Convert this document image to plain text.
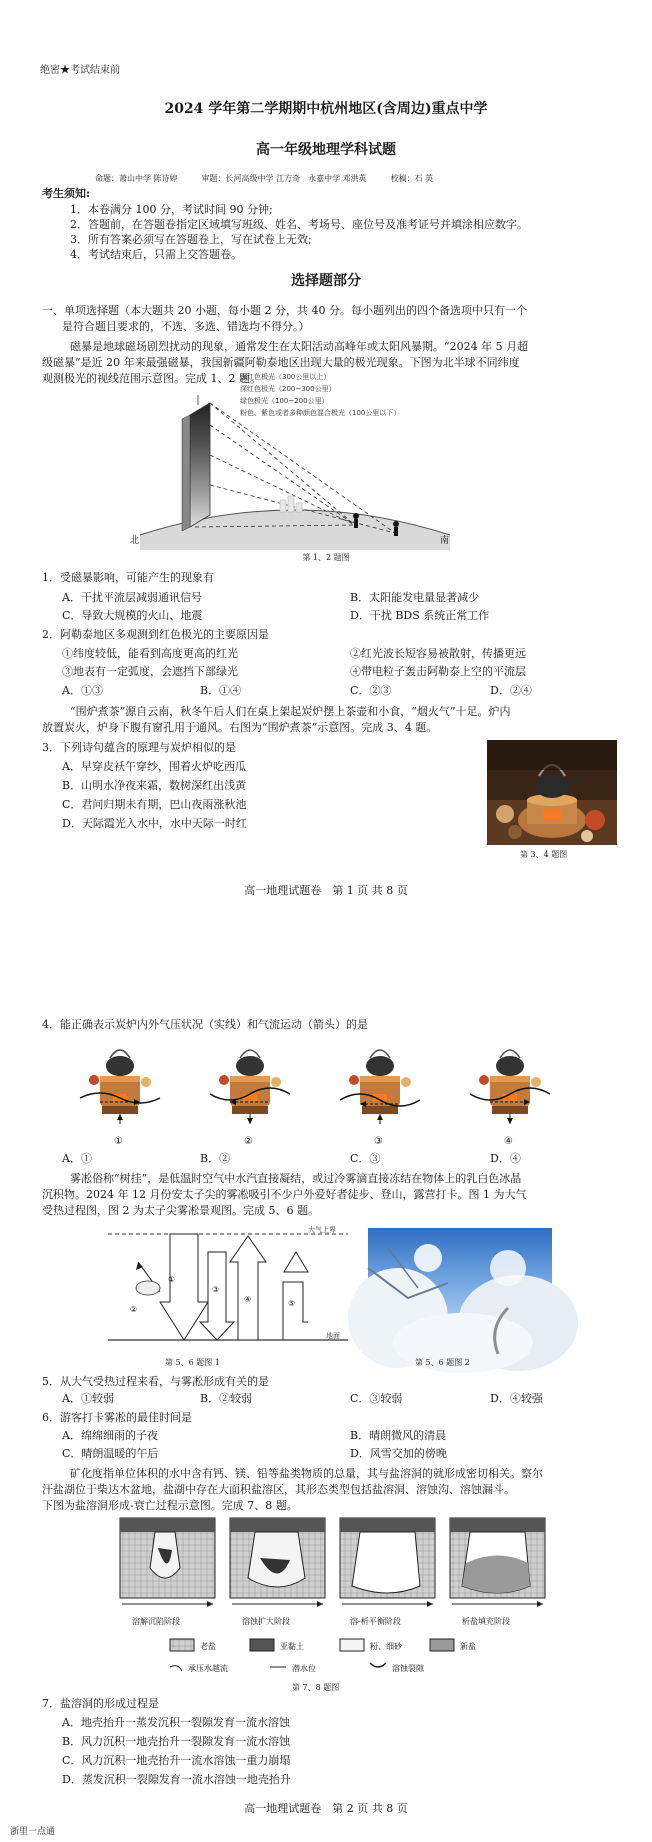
绝密★考试结束前
2024 学年第二学期期中杭州地区(含周边)重点中学
高一年级地理学科试题
命题：萧山中学 陈诗婷　　　审题：长河高级中学 江方奇　永嘉中学 邓洪英　　　校稿：石 英
考生须知:
1．本卷满分 100 分，考试时间 90 分钟;
2．答题前，在答题卷指定区域填写班级、姓名、考场号、座位号及准考证号并填涂相应数字。
3．所有答案必须写在答题卷上，写在试卷上无效;
4．考试结束后，只需上交答题卷。
选择题部分
一、单项选择题（本大题共 20 小题，每小题 2 分，共 40 分。每小题列出的四个备选项中只有一个
是符合题目要求的，不选、多选、错选均不得分。）
磁暴是地球磁场剧烈扰动的现象，通常发生在太阳活动高峰年或太阳风暴期。“2024 年 5 月超
级磁暴”是近 20 年来最强磁暴，我国新疆阿勒泰地区出现大量的极光现象。下图为北半球不同纬度
观测极光的视线范围示意图。完成 1、2 题。
深红色极光（300公里以上）
深红色极光（200~300公里）
绿色极光（100~200公里）
粉色、紫色或者多种颜色混合极光（100公里以下）
北	南
第 1、2 题图
1．受磁暴影响，可能产生的现象有
A．干扰平流层减弱通讯信号	B．太阳能发电量显著减少
C．导致大规模的火山、地震	D．干扰 BDS 系统正常工作
2．阿勒泰地区多观测到红色极光的主要原因是
①纬度较低，能看到高度更高的红光	②红光波长短容易被散射，传播更远
③地表有一定弧度，会遮挡下部绿光	④带电粒子轰击阿勒泰上空的平流层
A．①③	B．①④	C．②③	D．②④
“围炉煮茶”源自云南，秋冬午后人们在桌上架起炭炉摆上茶壶和小食，“烟火气”十足。炉内
放置炭火，炉身下腹有窗孔用于通风。右图为“围炉煮茶”示意图。完成 3、4 题。
3．下列诗句蕴含的原理与炭炉相似的是
A．早穿皮袄午穿纱，围着火炉吃西瓜
B．山明水净夜来霜，数树深红出浅黄
C．君问归期未有期，巴山夜雨涨秋池
D．天际霞光入水中，水中天际一时红
第 3、4 题图
高一地理试题卷　第 1 页 共 8 页
4．能正确表示炭炉内外气压状况（实线）和气流运动（箭头）的是
①	②	③	④
A．①	B．②	C．③	D．④
雾凇俗称“树挂”，是低温时空气中水汽直接凝结，或过冷雾滴直接冻结在物体上的乳白色冰晶
沉积物。2024 年 12 月份安太子尖的雾凇吸引不少户外爱好者徒步、登山，露营打卡。图 1 为大气
受热过程图，图 2 为太子尖雾凇景观图。完成 5、6 题。
大气上界
地面
②
①
③
④	⑤
第 5、6 题图 1	第 5、6 题图 2
5．从大气受热过程来看，与雾凇形成有关的是
A．①较弱	B．②较弱	C．③较弱	D．④较强
6．游客打卡雾凇的最佳时间是
A．绵绵细雨的子夜	B．晴朗微风的清晨
C．晴朗温暖的午后	D．风雪交加的傍晚
矿化度指单位体积的水中含有钙、镁、铅等盐类物质的总量，其与盐溶洞的就形成密切相关。察尔
汗盐湖位于柴达木盆地，盐湖中存在大面积盐溶区，其形态类型包括盐溶洞、溶蚀沟、溶蚀漏斗。
下图为盐溶洞形成-衰亡过程示意图。完成 7、8 题。
溶解沉陷阶段	溶蚀扩大阶段	溶-析平衡阶段	析盐填充阶段
老盐	亚黏土	粉、细砂	新盐
承压水越流	潜水位	溶蚀裂隙
第 7、8 题图
7．盐溶洞的形成过程是
A．地壳抬升一蒸发沉积一裂隙发育一流水溶蚀
B．风力沉积一地壳抬升一裂隙发育一流水溶蚀
C．风力沉积一地壳抬升一流水溶蚀一重力崩塌
D．蒸发沉积一裂隙发育一流水溶蚀一地壳抬升
高一地理试题卷　第 2 页 共 8 页
浙里一点通
